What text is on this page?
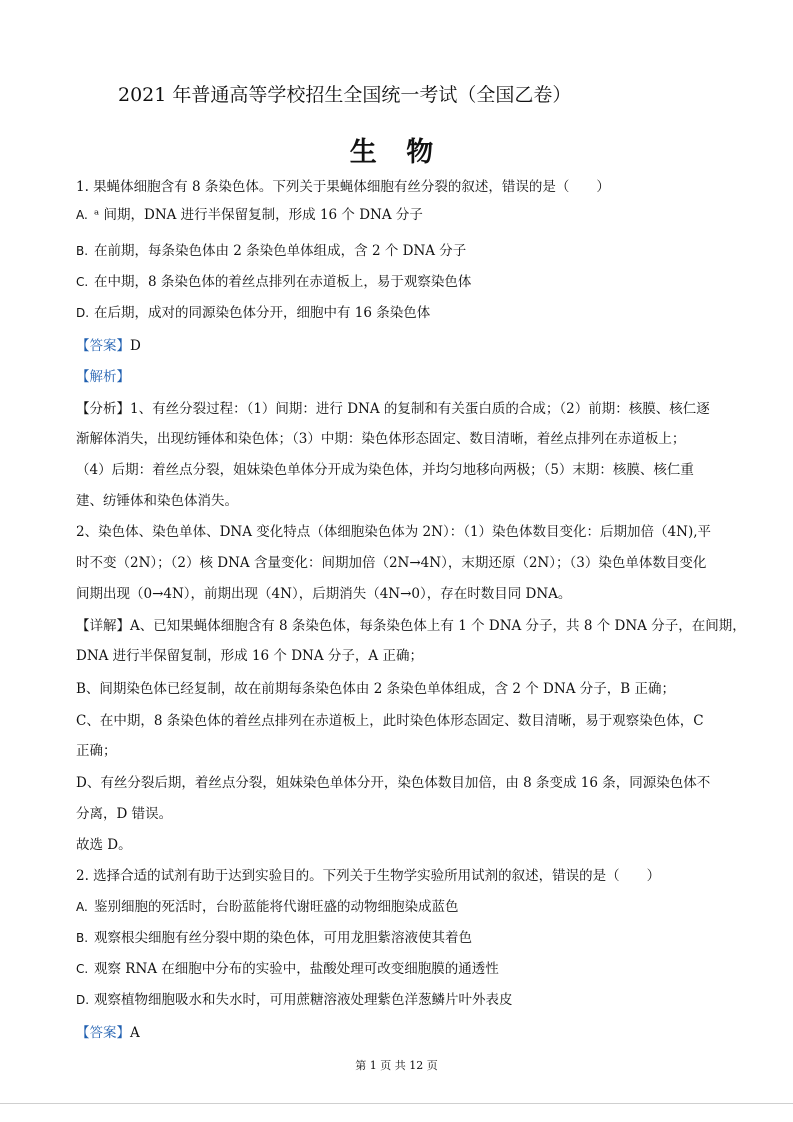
2021 年普通高等学校招生全国统一考试（全国乙卷）
生 物
1. 果蝇体细胞含有 8 条染色体。下列关于果蝇体细胞有丝分裂的叙述，错误的是（　　）
A. ᵃ 间期，DNA 进行半保留复制，形成 16 个 DNA 分子
B. 在前期，每条染色体由 2 条染色单体组成，含 2 个 DNA 分子
C. 在中期，8 条染色体的着丝点排列在赤道板上，易于观察染色体
D. 在后期，成对的同源染色体分开，细胞中有 16 条染色体
【答案】D
【解析】
【分析】1、有丝分裂过程：（1）间期：进行 DNA 的复制和有关蛋白质的合成；（2）前期：核膜、核仁逐
渐解体消失，出现纺锤体和染色体；（3）中期：染色体形态固定、数目清晰，着丝点排列在赤道板上；
（4）后期：着丝点分裂，姐妹染色单体分开成为染色体，并均匀地移向两极；（5）末期：核膜、核仁重
建、纺锤体和染色体消失。
2、染色体、染色单体、DNA 变化特点（体细胞染色体为 2N）：（1）染色体数目变化：后期加倍（4N),平
时不变（2N）；（2）核 DNA 含量变化：间期加倍（2N→4N），末期还原（2N）；（3）染色单体数目变化
间期出现（0→4N），前期出现（4N），后期消失（4N→0），存在时数目同 DNA。
【详解】A、已知果蝇体细胞含有 8 条染色体，每条染色体上有 1 个 DNA 分子，共 8 个 DNA 分子，在间期，
DNA 进行半保留复制，形成 16 个 DNA 分子，A 正确；
B、间期染色体已经复制，故在前期每条染色体由 2 条染色单体组成，含 2 个 DNA 分子，B 正确；
C、在中期，8 条染色体的着丝点排列在赤道板上，此时染色体形态固定、数目清晰，易于观察染色体，C
正确；
D、有丝分裂后期，着丝点分裂，姐妹染色单体分开，染色体数目加倍，由 8 条变成 16 条，同源染色体不
分离，D 错误。
故选 D。
2. 选择合适的试剂有助于达到实验目的。下列关于生物学实验所用试剂的叙述，错误的是（　　）
A. 鉴别细胞的死活时，台盼蓝能将代谢旺盛的动物细胞染成蓝色
B. 观察根尖细胞有丝分裂中期的染色体，可用龙胆紫溶液使其着色
C. 观察 RNA 在细胞中分布的实验中，盐酸处理可改变细胞膜的通透性
D. 观察植物细胞吸水和失水时，可用蔗糖溶液处理紫色洋葱鳞片叶外表皮
【答案】A
第 1 页 共 12 页
